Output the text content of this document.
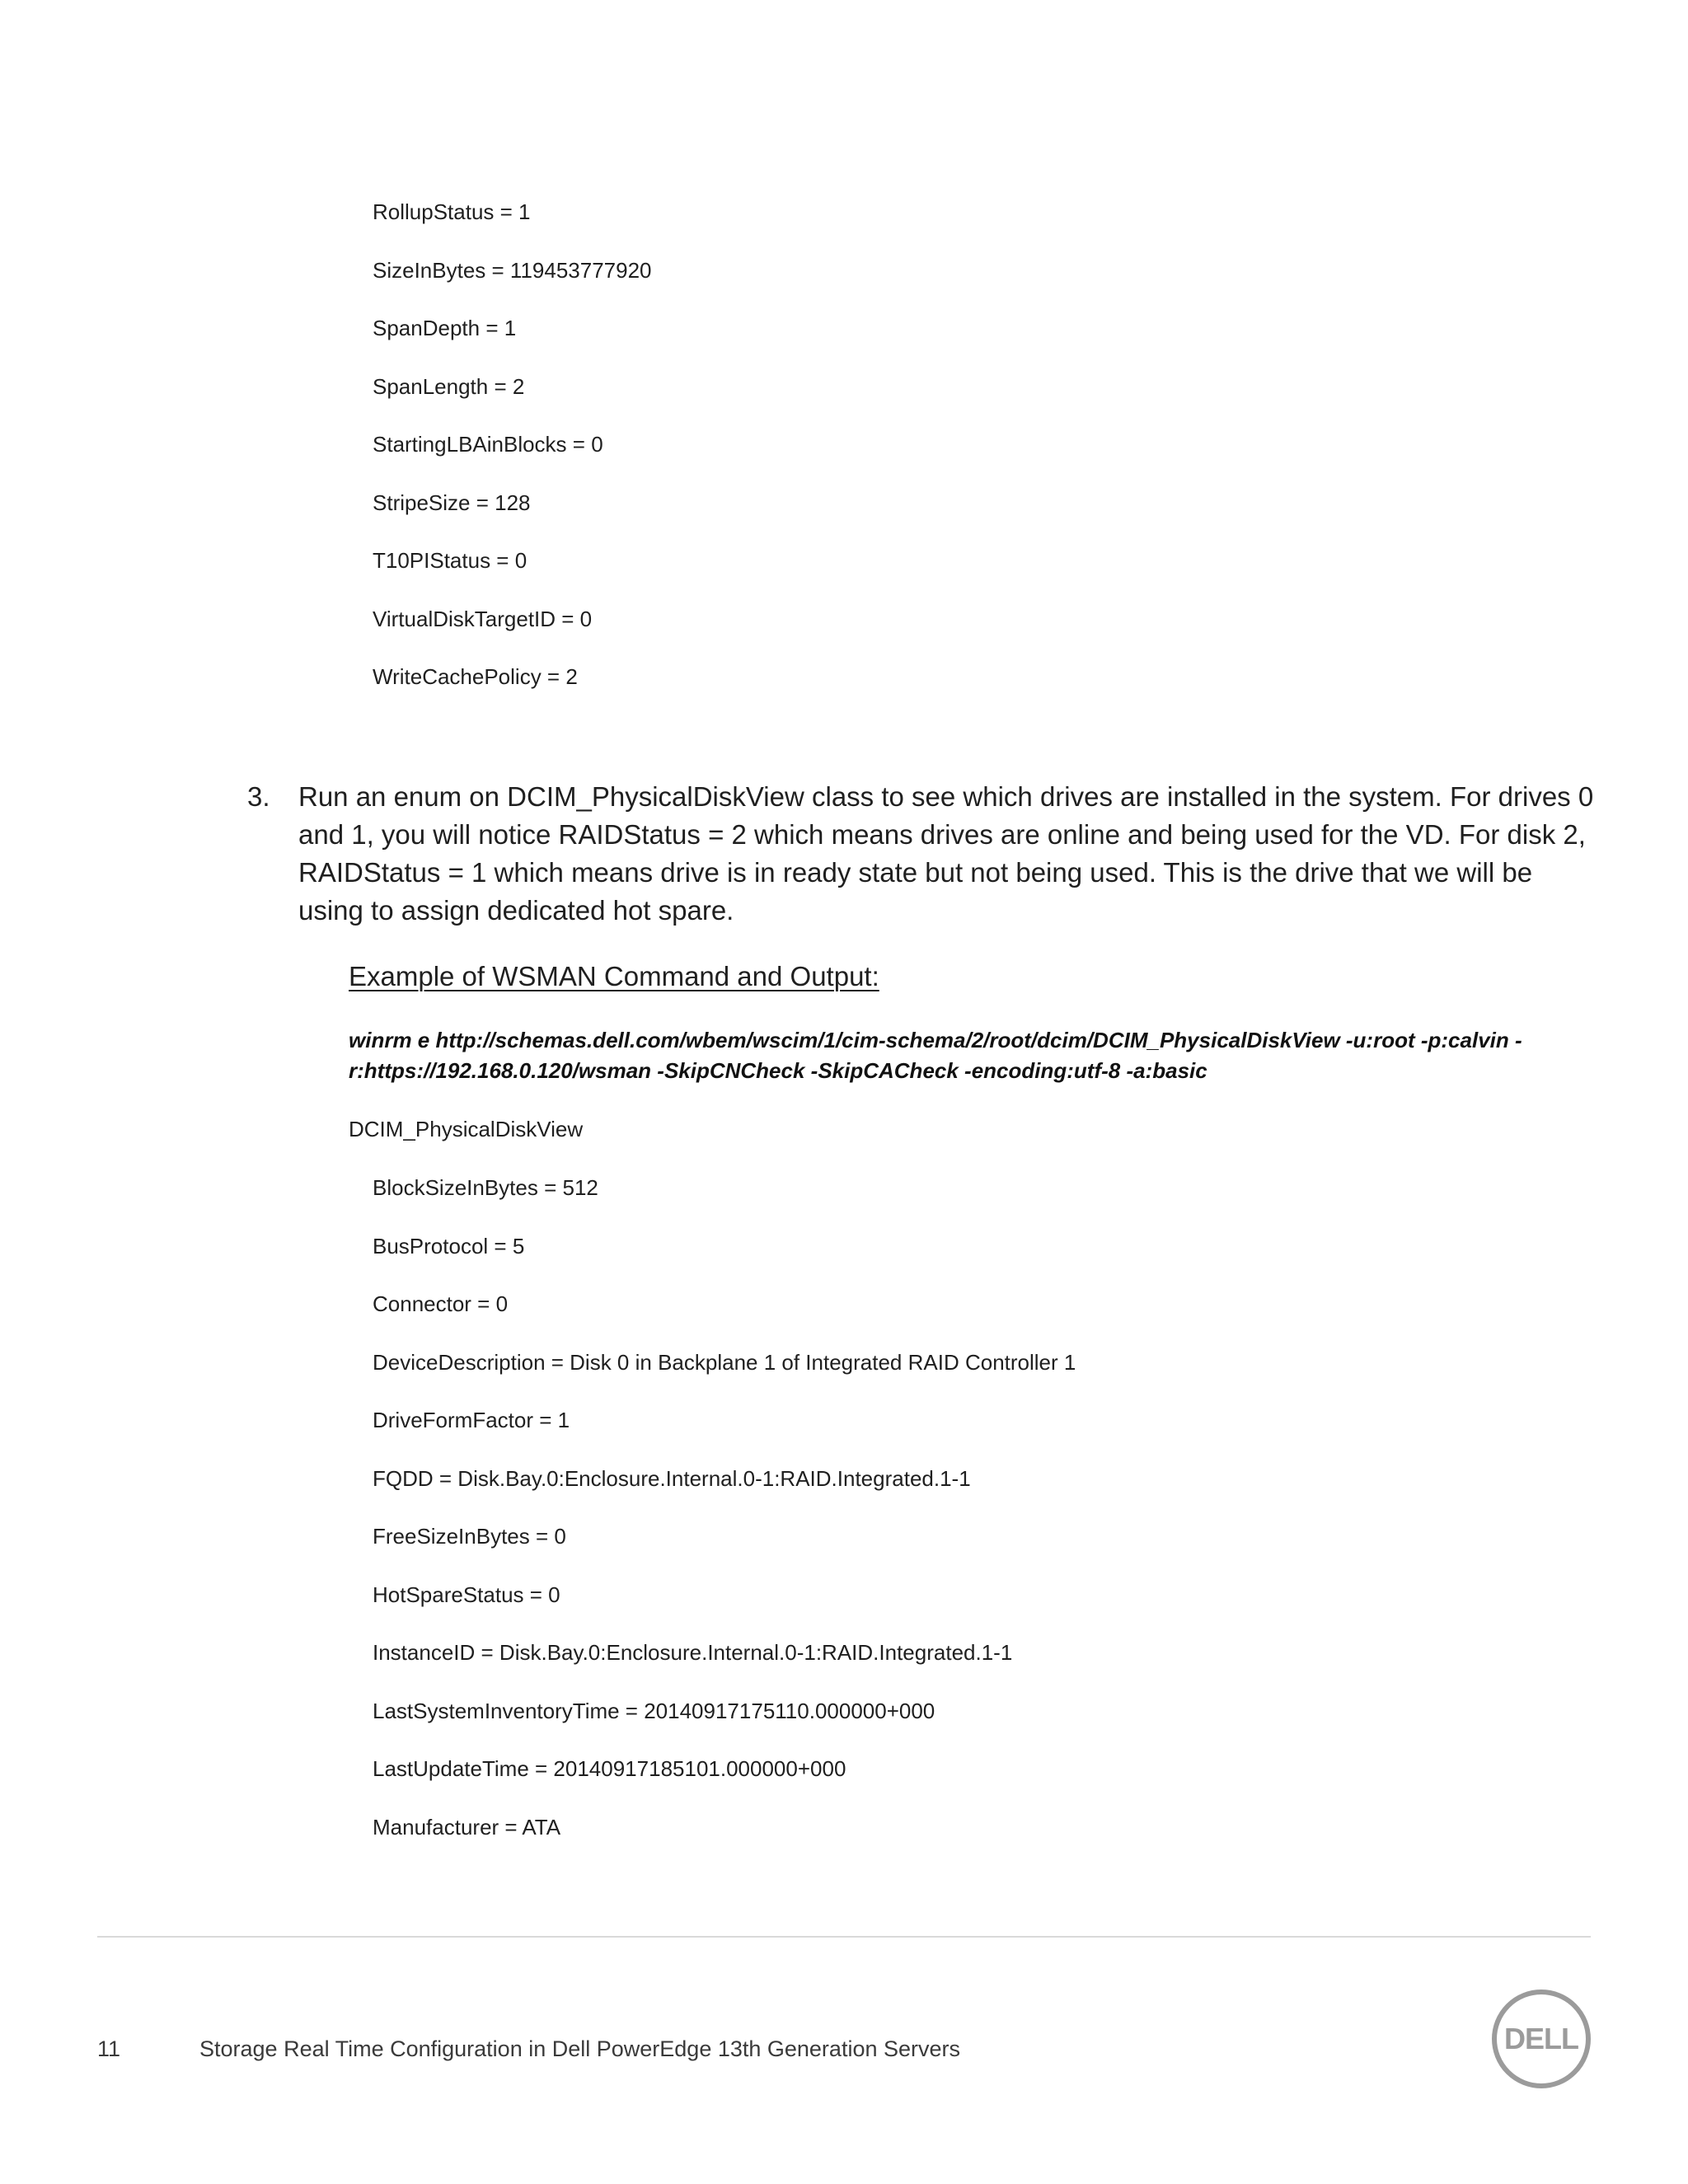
RollupStatus = 1
SizeInBytes = 119453777920
SpanDepth = 1
SpanLength = 2
StartingLBAinBlocks = 0
StripeSize = 128
T10PIStatus = 0
VirtualDiskTargetID = 0
WriteCachePolicy = 2
3. Run an enum on DCIM_PhysicalDiskView class to see which drives are installed in the system. For drives 0 and 1, you will notice RAIDStatus = 2 which means drives are online and being used for the VD. For disk 2, RAIDStatus = 1 which means drive is in ready state but not being used. This is the drive that we will be using to assign dedicated hot spare.
Example of WSMAN Command and Output:
winrm e http://schemas.dell.com/wbem/wscim/1/cim-schema/2/root/dcim/DCIM_PhysicalDiskView -u:root -p:calvin -r:https://192.168.0.120/wsman -SkipCNCheck -SkipCACheck -encoding:utf-8 -a:basic
DCIM_PhysicalDiskView
BlockSizeInBytes = 512
BusProtocol = 5
Connector = 0
DeviceDescription = Disk 0 in Backplane 1 of Integrated RAID Controller 1
DriveFormFactor = 1
FQDD = Disk.Bay.0:Enclosure.Internal.0-1:RAID.Integrated.1-1
FreeSizeInBytes = 0
HotSpareStatus = 0
InstanceID = Disk.Bay.0:Enclosure.Internal.0-1:RAID.Integrated.1-1
LastSystemInventoryTime = 20140917175110.000000+000
LastUpdateTime = 20140917185101.000000+000
Manufacturer = ATA
11	Storage Real Time Configuration in Dell PowerEdge 13th Generation Servers	DELL
